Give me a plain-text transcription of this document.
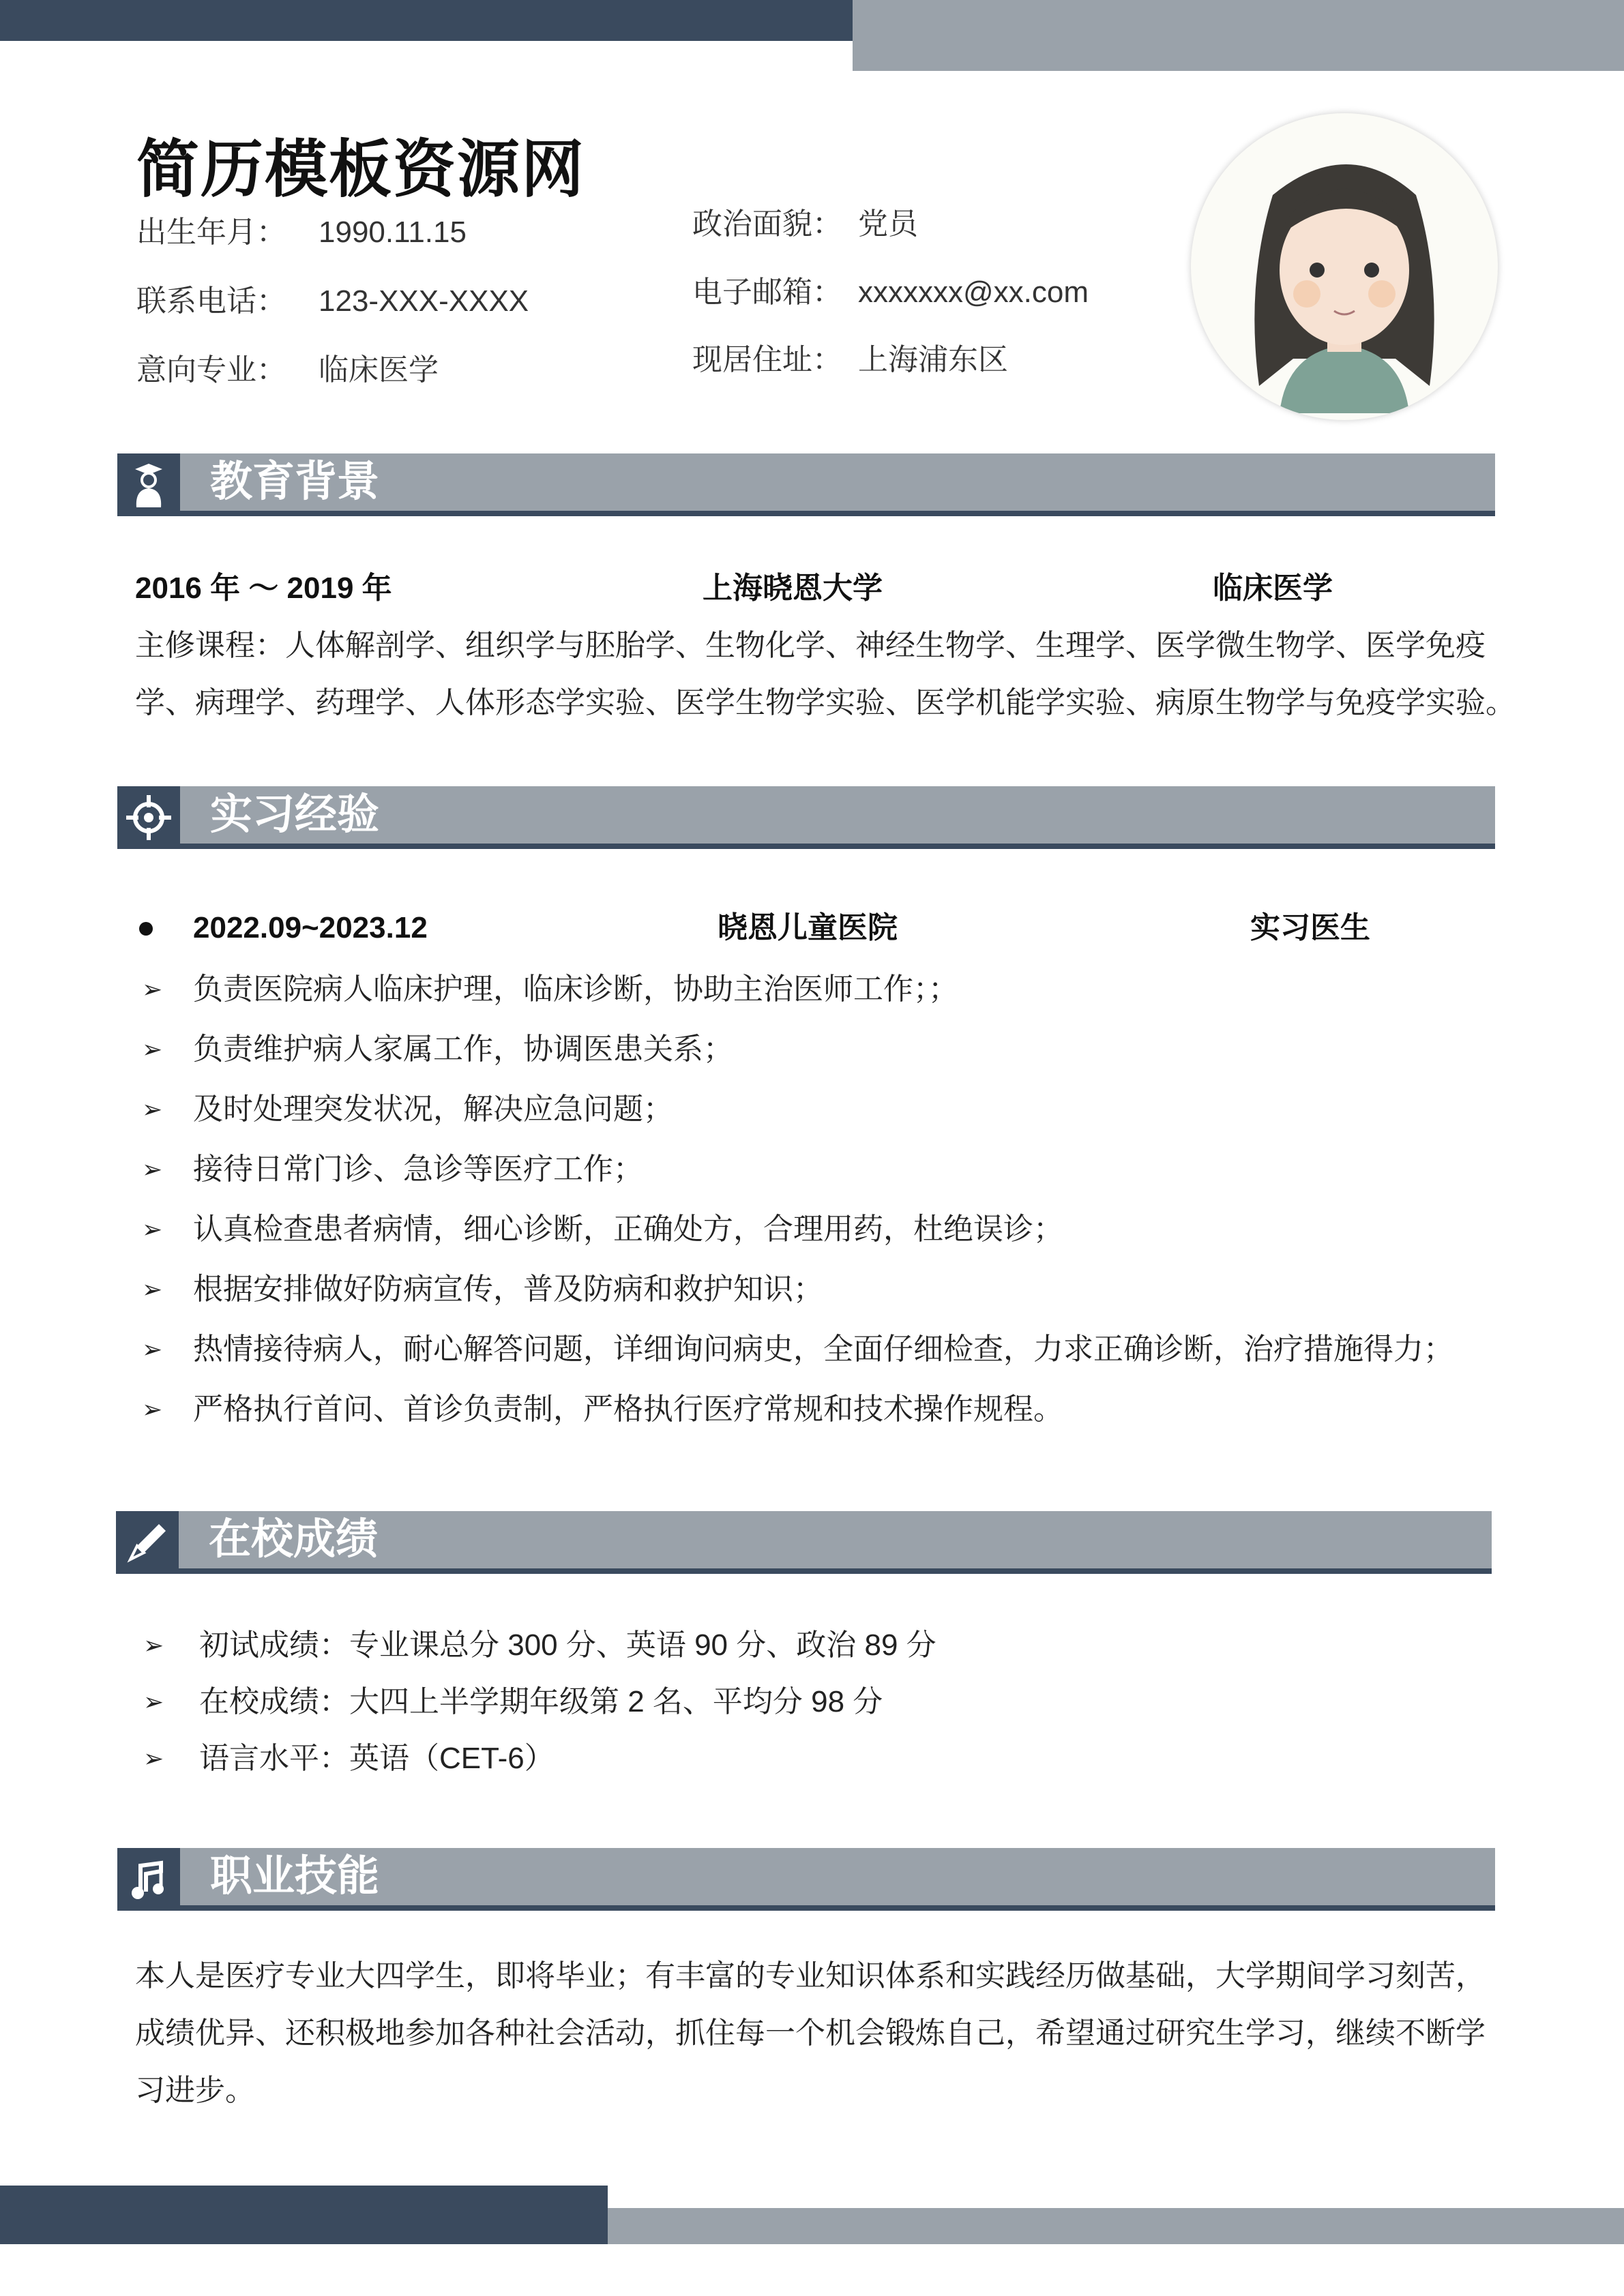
简历模板资源网
出生年月： 1990.11.15
联系电话： 123-XXX-XXXX
意向专业： 临床医学
政治面貌： 党员
电子邮箱： xxxxxxx@xx.com
现居住址： 上海浦东区
教育背景
2016 年 ～ 2019 年	上海晓恩大学	临床医学
主修课程：人体解剖学、组织学与胚胎学、生物化学、神经生物学、生理学、医学微生物学、医学免疫
学、病理学、药理学、人体形态学实验、医学生物学实验、医学机能学实验、病原生物学与免疫学实验。
实习经验
2022.09~2023.12	晓恩儿童医院	实习医生
➢ 负责医院病人临床护理，临床诊断，协助主治医师工作；；
➢ 负责维护病人家属工作，协调医患关系；
➢ 及时处理突发状况，解决应急问题；
➢ 接待日常门诊、急诊等医疗工作；
➢ 认真检查患者病情，细心诊断，正确处方，合理用药，杜绝误诊；
➢ 根据安排做好防病宣传，普及防病和救护知识；
➢ 热情接待病人，耐心解答问题，详细询问病史，全面仔细检查，力求正确诊断，治疗措施得力；
➢ 严格执行首问、首诊负责制，严格执行医疗常规和技术操作规程。
在校成绩
➢ 初试成绩：专业课总分 300 分、英语 90 分、政治 89 分
➢ 在校成绩：大四上半学期年级第 2 名、平均分 98 分
➢ 语言水平：英语（CET-6）
职业技能
本人是医疗专业大四学生，即将毕业；有丰富的专业知识体系和实践经历做基础，大学期间学习刻苦，
成绩优异、还积极地参加各种社会活动，抓住每一个机会锻炼自己，希望通过研究生学习，继续不断学
习进步。
